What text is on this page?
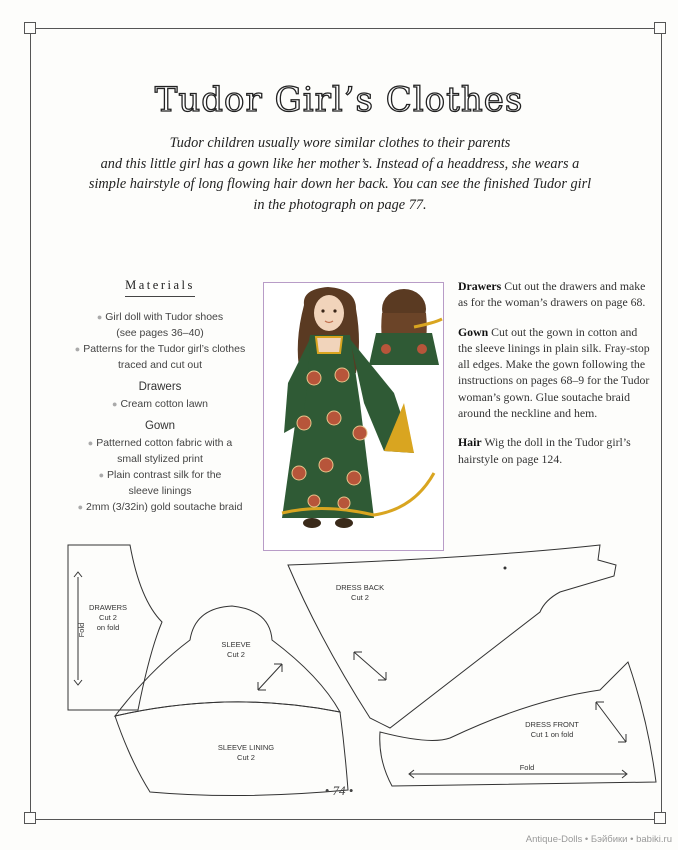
Tudor Girl’s Clothes
Tudor children usually wore similar clothes to their parents
and this little girl has a gown like her mother’s. Instead of a headdress, she wears a
simple hairstyle of long flowing hair down her back. You can see the finished Tudor girl
in the photograph on page 77.
Materials
● Girl doll with Tudor shoes
(see pages 36–40)
● Patterns for the Tudor girl’s clothes
traced and cut out
Drawers
● Cream cotton lawn
Gown
● Patterned cotton fabric with a
small stylized print
● Plain contrast silk for the
sleeve linings
● 2mm (3/32in) gold soutache braid

Drawers Cut out the drawers and make as for the woman’s drawers on page 68.

Gown Cut out the gown in cotton and the sleeve linings in plain silk. Fray-stop all edges. Make the gown following the instructions on pages 68–9 for the Tudor woman’s gown. Glue soutache braid around the neckline and hem.

Hair Wig the doll in the Tudor girl’s hairstyle on page 124.

DRAWERS
Cut 2
on fold
Fold
SLEEVE
Cut 2
SLEEVE LINING
Cut 2
DRESS BACK
Cut 2
DRESS FRONT
Cut 1 on fold
Fold
• 74 •
Antique-Dolls • Бэйбики • babiki.ru
